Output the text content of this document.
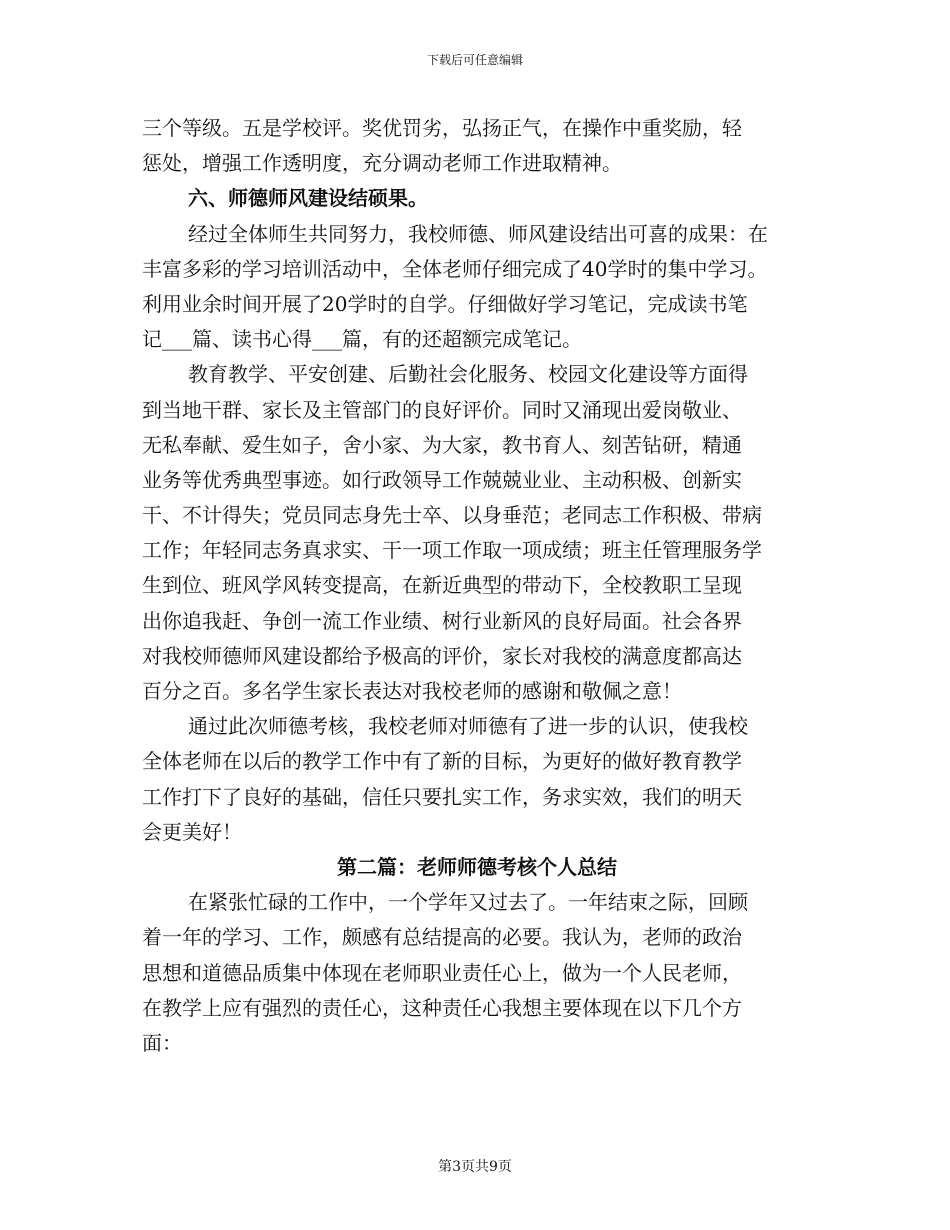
下载后可任意编辑
三个等级。五是学校评。奖优罚劣，弘扬正气，在操作中重奖励，轻
惩处，增强工作透明度，充分调动老师工作进取精神。
六、师德师风建设结硕果。
经过全体师生共同努力，我校师德、师风建设结出可喜的成果：在
丰富多彩的学习培训活动中，全体老师仔细完成了40学时的集中学习。
利用业余时间开展了20学时的自学。仔细做好学习笔记，完成读书笔
记___篇、读书心得___篇，有的还超额完成笔记。
教育教学、平安创建、后勤社会化服务、校园文化建设等方面得
到当地干群、家长及主管部门的良好评价。同时又涌现出爱岗敬业、
无私奉献、爱生如子，舍小家、为大家，教书育人、刻苦钻研，精通
业务等优秀典型事迹。如行政领导工作兢兢业业、主动积极、创新实
干、不计得失；党员同志身先士卒、以身垂范；老同志工作积极、带病
工作；年轻同志务真求实、干一项工作取一项成绩；班主任管理服务学
生到位、班风学风转变提高，在新近典型的带动下，全校教职工呈现
出你追我赶、争创一流工作业绩、树行业新风的良好局面。社会各界
对我校师德师风建设都给予极高的评价，家长对我校的满意度都高达
百分之百。多名学生家长表达对我校老师的感谢和敬佩之意！
通过此次师德考核，我校老师对师德有了进一步的认识，使我校
全体老师在以后的教学工作中有了新的目标，为更好的做好教育教学
工作打下了良好的基础，信任只要扎实工作，务求实效，我们的明天
会更美好！
第二篇：老师师德考核个人总结
在紧张忙碌的工作中，一个学年又过去了。一年结束之际，回顾
着一年的学习、工作，颇感有总结提高的必要。我认为，老师的政治
思想和道德品质集中体现在老师职业责任心上，做为一个人民老师，
在教学上应有强烈的责任心，这种责任心我想主要体现在以下几个方
面：
第3页共9页
